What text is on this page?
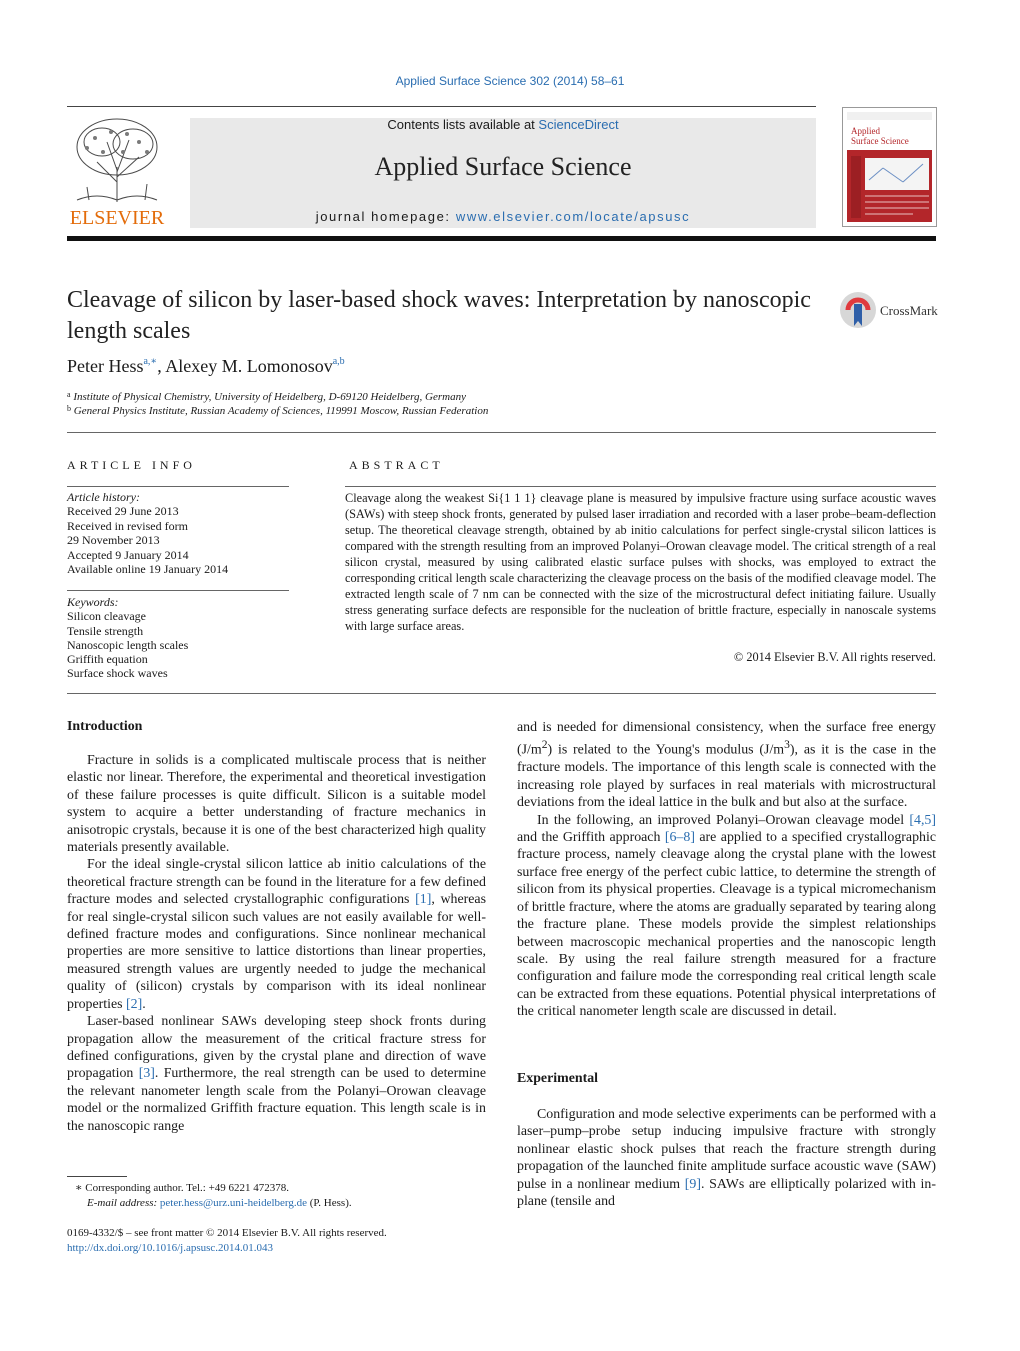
Applied Surface Science 302 (2014) 58–61
ELSEVIER
Contents lists available at ScienceDirect
Applied Surface Science
journal homepage: www.elsevier.com/locate/apsusc
Applied
Surface Science
Cleavage of silicon by laser-based shock waves: Interpretation by nanoscopic length scales
CrossMark
Peter Hess$^{a,∗}$, Alexey M. Lomonosov$^{a,b}$
$^a$ Institute of Physical Chemistry, University of Heidelberg, D-69120 Heidelberg, Germany
$^b$ General Physics Institute, Russian Academy of Sciences, 119991 Moscow, Russian Federation
ARTICLE INFO
Article history:
Received 29 June 2013
Received in revised form
29 November 2013
Accepted 9 January 2014
Available online 19 January 2014
Keywords:
Silicon cleavage
Tensile strength
Nanoscopic length scales
Griffith equation
Surface shock waves
ABSTRACT
Cleavage along the weakest Si{1 1 1} cleavage plane is measured by impulsive fracture using surface acoustic waves (SAWs) with steep shock fronts, generated by pulsed laser irradiation and recorded with a laser probe–beam-deflection setup. The theoretical cleavage strength, obtained by ab initio calculations for perfect single-crystal silicon lattices is compared with the strength resulting from an improved Polanyi–Orowan cleavage model. The critical strength of a real silicon crystal, measured by using calibrated elastic surface pulses with shocks, was employed to extract the corresponding critical length scale characterizing the cleavage process on the basis of the modified cleavage model. The extracted length scale of 7 nm can be connected with the size of the microstructural defect initiating failure. Usually stress generating surface defects are responsible for the nucleation of brittle fracture, especially in nanoscale systems with large surface areas.
© 2014 Elsevier B.V. All rights reserved.
Introduction

Fracture in solids is a complicated multiscale process that is neither elastic nor linear. Therefore, the experimental and theoretical investigation of these failure processes is quite difficult. Silicon is a suitable model system to acquire a better understanding of fracture mechanics in anisotropic crystals, because it is one of the best characterized high quality materials presently available.

For the ideal single-crystal silicon lattice ab initio calculations of the theoretical fracture strength can be found in the literature for a few defined fracture modes and selected crystallographic configurations [1], whereas for real single-crystal silicon such values are not easily available for well-defined fracture modes and configurations. Since nonlinear mechanical properties are more sensitive to lattice distortions than linear properties, measured strength values are urgently needed to judge the mechanical quality of (silicon) crystals by comparison with its ideal nonlinear properties [2].

Laser-based nonlinear SAWs developing steep shock fronts during propagation allow the measurement of the critical fracture stress for defined configurations, given by the crystal plane and direction of wave propagation [3]. Furthermore, the real strength can be used to determine the relevant nanometer length scale from the Polanyi–Orowan cleavage model or the normalized Griffith fracture equation. This length scale is in the nanoscopic range

and is needed for dimensional consistency, when the surface free energy $(J/m^2)$ is related to the Young's modulus $(J/m^3)$, as it is the case in the fracture models. The importance of this length scale is connected with the increasing role played by surfaces in real materials with microstructural deviations from the ideal lattice in the bulk and but also at the surface.

In the following, an improved Polanyi–Orowan cleavage model [4,5] and the Griffith approach [6–8] are applied to a specified crystallographic fracture process, namely cleavage along the crystal plane with the lowest surface free energy of the perfect cubic lattice, to determine the strength of silicon from its physical properties. Cleavage is a typical micromechanism of brittle fracture, where the atoms are gradually separated by tearing along the fracture plane. These models provide the simplest relationships between macroscopic mechanical properties and the nanoscopic length scale. By using the real failure strength measured for a fracture configuration and failure mode the corresponding real critical length scale can be extracted from these equations. Potential physical interpretations of the critical nanometer length scale are discussed in detail.

Experimental

Configuration and mode selective experiments can be performed with a laser–pump–probe setup inducing impulsive fracture with strongly nonlinear elastic shock pulses that reach the fracture strength during propagation of the launched finite amplitude surface acoustic wave (SAW) pulse in a nonlinear medium [9]. SAWs are elliptically polarized with in-plane (tensile and

∗ Corresponding author. Tel.: +49 6221 472378.
E-mail address: peter.hess@urz.uni-heidelberg.de (P. Hess).
0169-4332/$ – see front matter © 2014 Elsevier B.V. All rights reserved.
http://dx.doi.org/10.1016/j.apsusc.2014.01.043
